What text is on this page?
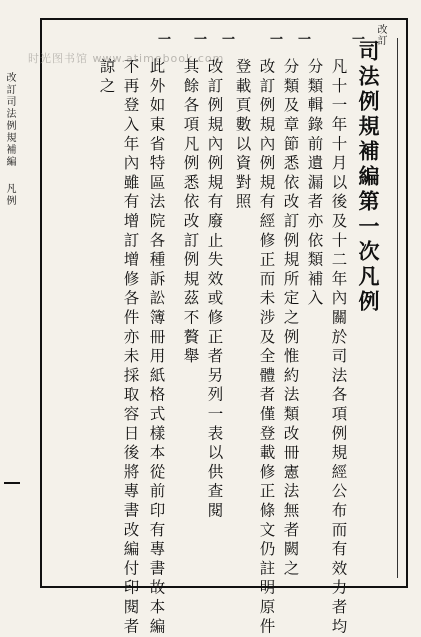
时光图书馆 www.atimebook.com
改訂
司法例規補編第一次凡例
改訂司法例規補編
凡例
一
凡十一年十月以後及十二年內關於司法各項例規經公布而有效力者均
分類輯錄前遺漏者亦依類補入
一
分類及章節悉依改訂例規所定之例惟約法類改冊憲法無者闕之
一
改訂例規內例規有經修正而未涉及全體者僅登載修正條文仍註明原件
登載頁數以資對照
一
改訂例規內例規有廢止失效或修正者另列一表以供查閱
一
其餘各項凡例悉依改訂例規茲不贅舉
一
此外如東省特區法院各種訴訟簿冊用紙格式樣本從前印有專書故本編
不再登入年內雖有增訂增修各件亦未採取容日後將專書改編付印閱者
諒之
